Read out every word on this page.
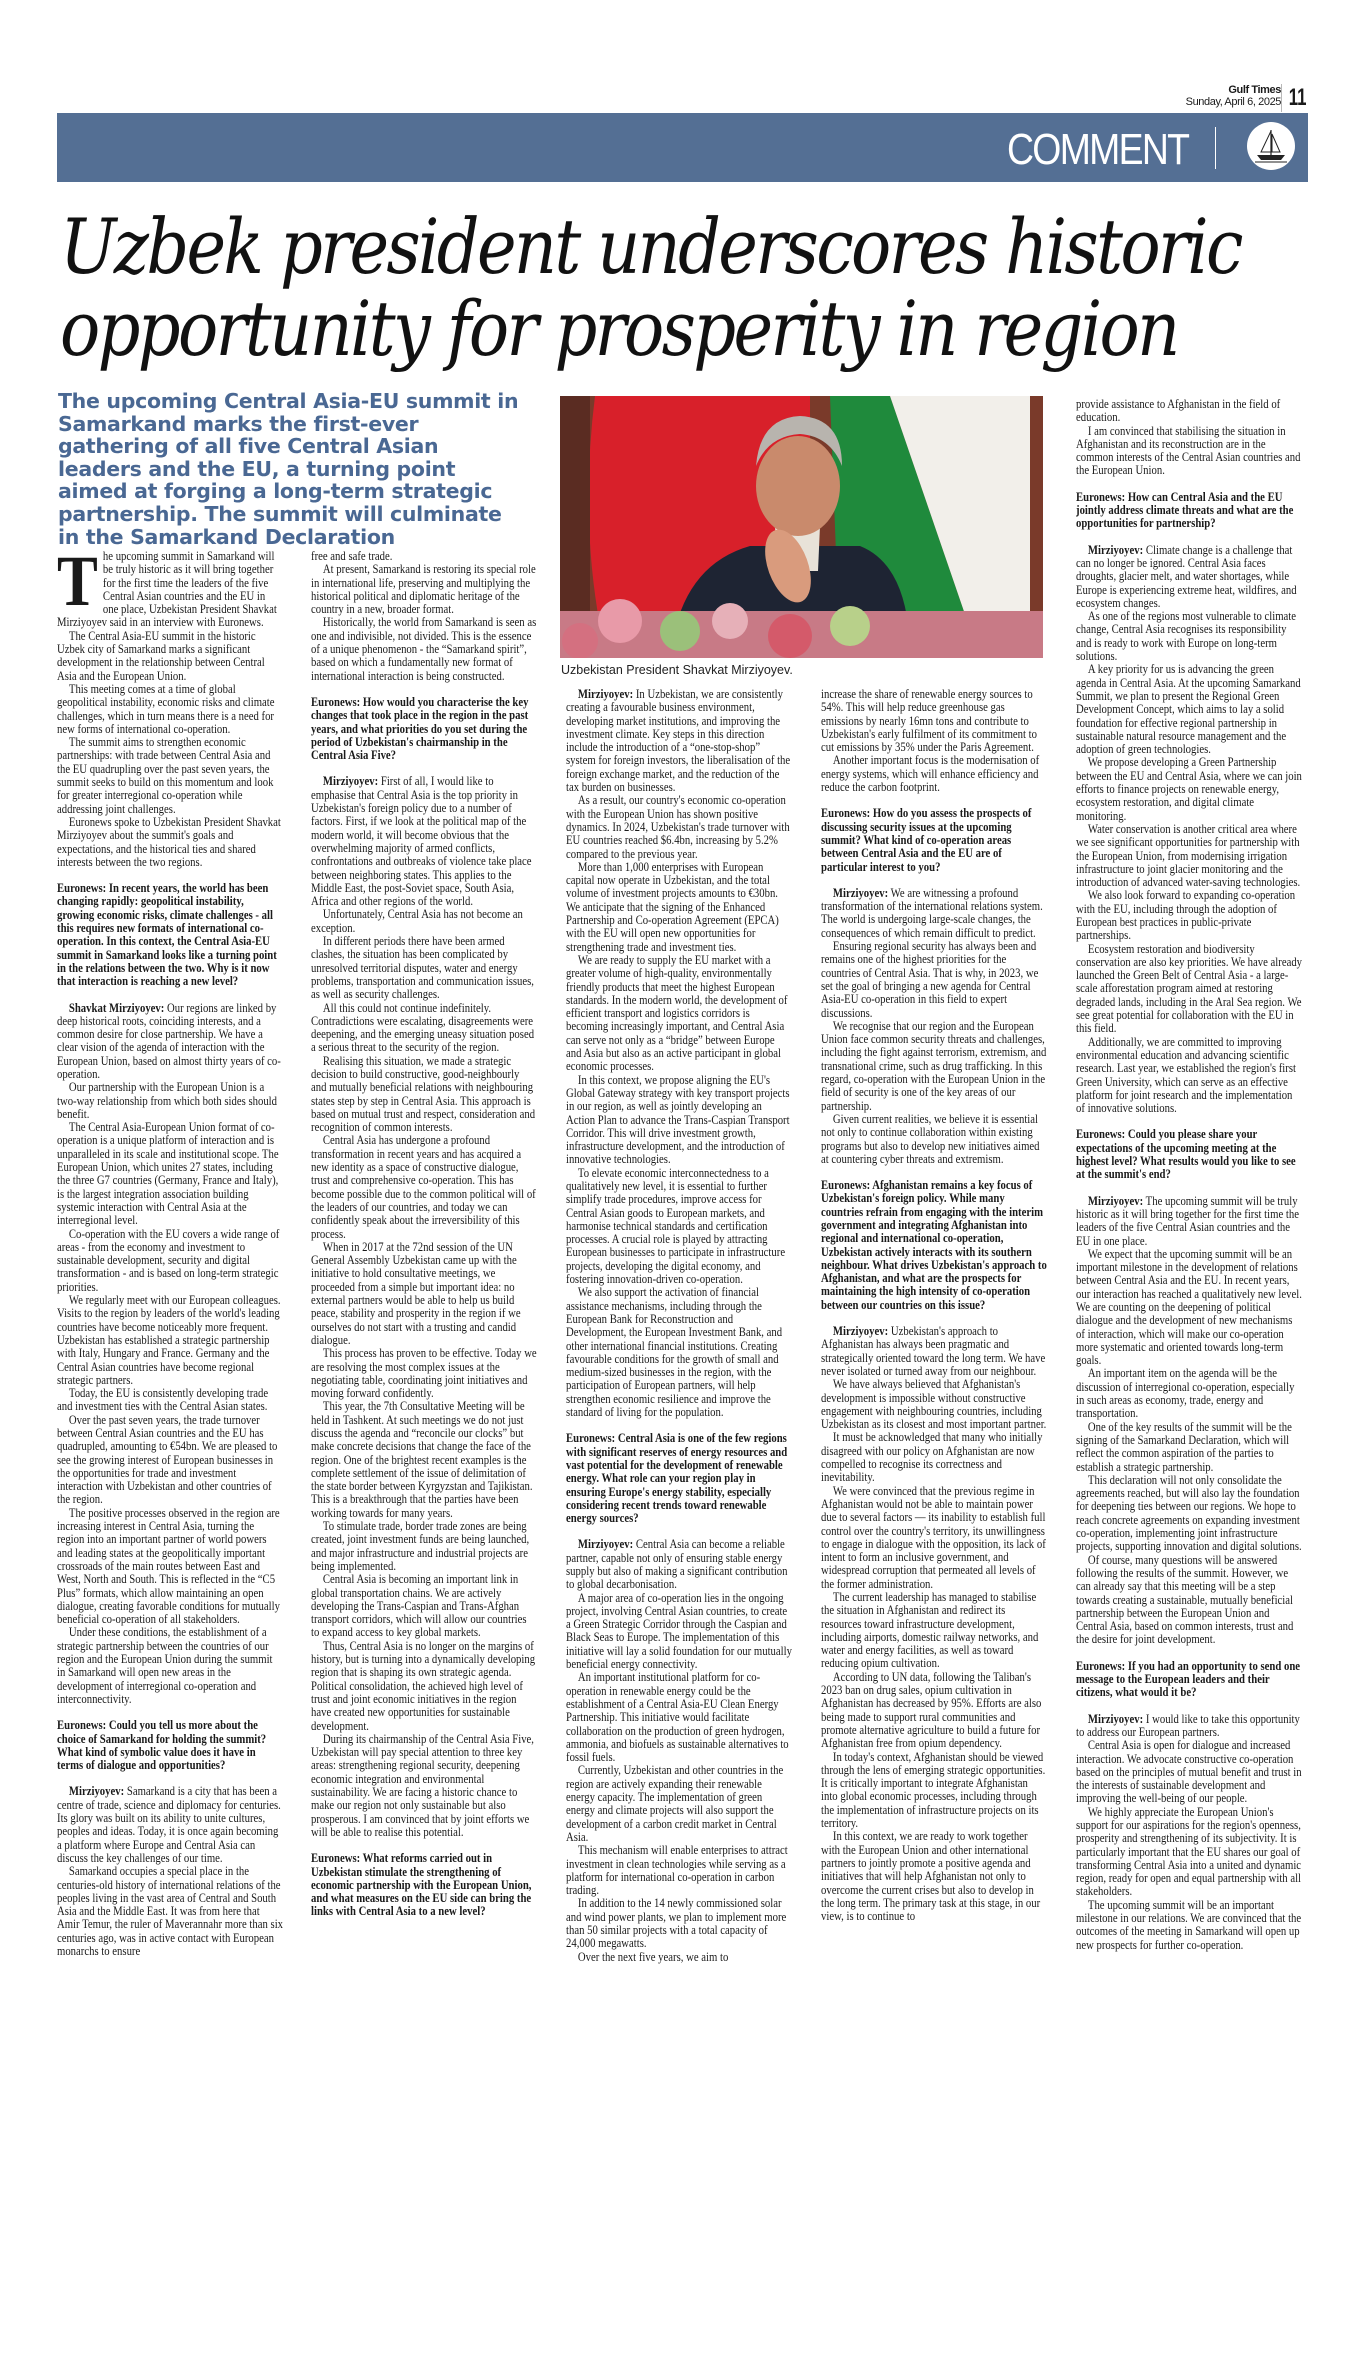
Gulf Times
Sunday, April 6, 2025 11
COMMENT
Uzbek president underscores historic
opportunity for prosperity in region
The upcoming Central Asia-EU summit in Samarkand marks the first-ever gathering of all five Central Asian leaders and the EU, a turning point aimed at forging a long-term strategic partnership. The summit will culminate in the Samarkand Declaration
Uzbekistan President Shavkat Mirziyoyev.

The upcoming summit in Samarkand will be truly historic as it will bring together for the first time the leaders of the five Central Asian countries and the EU in one place, Uzbekistan President Shavkat Mirziyoyev said in an interview with Euronews.

The Central Asia-EU summit in the historic Uzbek city of Samarkand marks a significant development in the relationship between Central Asia and the European Union.

This meeting comes at a time of global geopolitical instability, economic risks and climate challenges, which in turn means there is a need for new forms of international co-operation.

The summit aims to strengthen economic partnerships: with trade between Central Asia and the EU quadrupling over the past seven years, the summit seeks to build on this momentum and look for greater interregional co-operation while addressing joint challenges.

Euronews spoke to Uzbekistan President Shavkat Mirziyoyev about the summit's goals and expectations, and the historical ties and shared interests between the two regions.

Euronews: In recent years, the world has been changing rapidly: geopolitical instability, growing economic risks, climate challenges - all this requires new formats of international co-operation. In this context, the Central Asia-EU summit in Samarkand looks like a turning point in the relations between the two. Why is it now that interaction is reaching a new level?

Shavkat Mirziyoyev: Our regions are linked by deep historical roots, coinciding interests, and a common desire for close partnership. We have a clear vision of the agenda of interaction with the European Union, based on almost thirty years of co-operation.

Our partnership with the European Union is a two-way relationship from which both sides should benefit.

The Central Asia-European Union format of co-operation is a unique platform of interaction and is unparalleled in its scale and institutional scope. The European Union, which unites 27 states, including the three G7 countries (Germany, France and Italy), is the largest integration association building systemic interaction with Central Asia at the interregional level.

Co-operation with the EU covers a wide range of areas - from the economy and investment to sustainable development, security and digital transformation - and is based on long-term strategic priorities.

We regularly meet with our European colleagues. Visits to the region by leaders of the world's leading countries have become noticeably more frequent. Uzbekistan has established a strategic partnership with Italy, Hungary and France. Germany and the Central Asian countries have become regional strategic partners.

Today, the EU is consistently developing trade and investment ties with the Central Asian states.

Over the past seven years, the trade turnover between Central Asian countries and the EU has quadrupled, amounting to €54bn. We are pleased to see the growing interest of European businesses in the opportunities for trade and investment interaction with Uzbekistan and other countries of the region.

The positive processes observed in the region are increasing interest in Central Asia, turning the region into an important partner of world powers and leading states at the geopolitically important crossroads of the main routes between East and West, North and South. This is reflected in the “C5 Plus” formats, which allow maintaining an open dialogue, creating favorable conditions for mutually beneficial co-operation of all stakeholders.

Under these conditions, the establishment of a strategic partnership between the countries of our region and the European Union during the summit in Samarkand will open new areas in the development of interregional co-operation and interconnectivity.

Euronews: Could you tell us more about the choice of Samarkand for holding the summit? What kind of symbolic value does it have in terms of dialogue and opportunities?

Mirziyoyev: Samarkand is a city that has been a centre of trade, science and diplomacy for centuries. Its glory was built on its ability to unite cultures, peoples and ideas. Today, it is once again becoming a platform where Europe and Central Asia can discuss the key challenges of our time.

Samarkand occupies a special place in the centuries-old history of international relations of the peoples living in the vast area of Central and South Asia and the Middle East. It was from here that Amir Temur, the ruler of Maverannahr more than six centuries ago, was in active contact with European monarchs to ensure

free and safe trade.

At present, Samarkand is restoring its special role in international life, preserving and multiplying the historical political and diplomatic heritage of the country in a new, broader format.

Historically, the world from Samarkand is seen as one and indivisible, not divided. This is the essence of a unique phenomenon - the “Samarkand spirit”, based on which a fundamentally new format of international interaction is being constructed.

Euronews: How would you characterise the key changes that took place in the region in the past years, and what priorities do you set during the period of Uzbekistan's chairmanship in the Central Asia Five?

Mirziyoyev: First of all, I would like to emphasise that Central Asia is the top priority in Uzbekistan's foreign policy due to a number of factors. First, if we look at the political map of the modern world, it will become obvious that the overwhelming majority of armed conflicts, confrontations and outbreaks of violence take place between neighboring states. This applies to the Middle East, the post-Soviet space, South Asia, Africa and other regions of the world.

Unfortunately, Central Asia has not become an exception.

In different periods there have been armed clashes, the situation has been complicated by unresolved territorial disputes, water and energy problems, transportation and communication issues, as well as security challenges.

All this could not continue indefinitely. Contradictions were escalating, disagreements were deepening, and the emerging uneasy situation posed a serious threat to the security of the region.

Realising this situation, we made a strategic decision to build constructive, good-neighbourly and mutually beneficial relations with neighbouring states step by step in Central Asia. This approach is based on mutual trust and respect, consideration and recognition of common interests.

Central Asia has undergone a profound transformation in recent years and has acquired a new identity as a space of constructive dialogue, trust and comprehensive co-operation. This has become possible due to the common political will of the leaders of our countries, and today we can confidently speak about the irreversibility of this process.

When in 2017 at the 72nd session of the UN General Assembly Uzbekistan came up with the initiative to hold consultative meetings, we proceeded from a simple but important idea: no external partners would be able to help us build peace, stability and prosperity in the region if we ourselves do not start with a trusting and candid dialogue.

This process has proven to be effective. Today we are resolving the most complex issues at the negotiating table, coordinating joint initiatives and moving forward confidently.

This year, the 7th Consultative Meeting will be held in Tashkent. At such meetings we do not just discuss the agenda and “reconcile our clocks” but make concrete decisions that change the face of the region. One of the brightest recent examples is the complete settlement of the issue of delimitation of the state border between Kyrgyzstan and Tajikistan. This is a breakthrough that the parties have been working towards for many years.

To stimulate trade, border trade zones are being created, joint investment funds are being launched, and major infrastructure and industrial projects are being implemented.

Central Asia is becoming an important link in global transportation chains. We are actively developing the Trans-Caspian and Trans-Afghan transport corridors, which will allow our countries to expand access to key global markets.

Thus, Central Asia is no longer on the margins of history, but is turning into a dynamically developing region that is shaping its own strategic agenda. Political consolidation, the achieved high level of trust and joint economic initiatives in the region have created new opportunities for sustainable development.

During its chairmanship of the Central Asia Five, Uzbekistan will pay special attention to three key areas: strengthening regional security, deepening economic integration and environmental sustainability. We are facing a historic chance to make our region not only sustainable but also prosperous. I am convinced that by joint efforts we will be able to realise this potential.

Euronews: What reforms carried out in Uzbekistan stimulate the strengthening of economic partnership with the European Union, and what measures on the EU side can bring the links with Central Asia to a new level?

Mirziyoyev: In Uzbekistan, we are consistently creating a favourable business environment, developing market institutions, and improving the investment climate. Key steps in this direction include the introduction of a “one-stop-shop” system for foreign investors, the liberalisation of the foreign exchange market, and the reduction of the tax burden on businesses.

As a result, our country's economic co-operation with the European Union has shown positive dynamics. In 2024, Uzbekistan's trade turnover with EU countries reached $6.4bn, increasing by 5.2% compared to the previous year.

More than 1,000 enterprises with European capital now operate in Uzbekistan, and the total volume of investment projects amounts to €30bn. We anticipate that the signing of the Enhanced Partnership and Co-operation Agreement (EPCA) with the EU will open new opportunities for strengthening trade and investment ties.

We are ready to supply the EU market with a greater volume of high-quality, environmentally friendly products that meet the highest European standards. In the modern world, the development of efficient transport and logistics corridors is becoming increasingly important, and Central Asia can serve not only as a “bridge” between Europe and Asia but also as an active participant in global economic processes.

In this context, we propose aligning the EU's Global Gateway strategy with key transport projects in our region, as well as jointly developing an Action Plan to advance the Trans-Caspian Transport Corridor. This will drive investment growth, infrastructure development, and the introduction of innovative technologies.

To elevate economic interconnectedness to a qualitatively new level, it is essential to further simplify trade procedures, improve access for Central Asian goods to European markets, and harmonise technical standards and certification processes. A crucial role is played by attracting European businesses to participate in infrastructure projects, developing the digital economy, and fostering innovation-driven co-operation.

We also support the activation of financial assistance mechanisms, including through the European Bank for Reconstruction and Development, the European Investment Bank, and other international financial institutions. Creating favourable conditions for the growth of small and medium-sized businesses in the region, with the participation of European partners, will help strengthen economic resilience and improve the standard of living for the population.

Euronews: Central Asia is one of the few regions with significant reserves of energy resources and vast potential for the development of renewable energy. What role can your region play in ensuring Europe's energy stability, especially considering recent trends toward renewable energy sources?

Mirziyoyev: Central Asia can become a reliable partner, capable not only of ensuring stable energy supply but also of making a significant contribution to global decarbonisation.

A major area of co-operation lies in the ongoing project, involving Central Asian countries, to create a Green Strategic Corridor through the Caspian and Black Seas to Europe. The implementation of this initiative will lay a solid foundation for our mutually beneficial energy connectivity.

An important institutional platform for co-operation in renewable energy could be the establishment of a Central Asia-EU Clean Energy Partnership. This initiative would facilitate collaboration on the production of green hydrogen, ammonia, and biofuels as sustainable alternatives to fossil fuels.

Currently, Uzbekistan and other countries in the region are actively expanding their renewable energy capacity. The implementation of green energy and climate projects will also support the development of a carbon credit market in Central Asia.

This mechanism will enable enterprises to attract investment in clean technologies while serving as a platform for international co-operation in carbon trading.

In addition to the 14 newly commissioned solar and wind power plants, we plan to implement more than 50 similar projects with a total capacity of 24,000 megawatts.

Over the next five years, we aim to

increase the share of renewable energy sources to 54%. This will help reduce greenhouse gas emissions by nearly 16mn tons and contribute to Uzbekistan's early fulfilment of its commitment to cut emissions by 35% under the Paris Agreement.

Another important focus is the modernisation of energy systems, which will enhance efficiency and reduce the carbon footprint.

Euronews: How do you assess the prospects of discussing security issues at the upcoming summit? What kind of co-operation areas between Central Asia and the EU are of particular interest to you?

Mirziyoyev: We are witnessing a profound transformation of the international relations system. The world is undergoing large-scale changes, the consequences of which remain difficult to predict.

Ensuring regional security has always been and remains one of the highest priorities for the countries of Central Asia. That is why, in 2023, we set the goal of bringing a new agenda for Central Asia-EU co-operation in this field to expert discussions.

We recognise that our region and the European Union face common security threats and challenges, including the fight against terrorism, extremism, and transnational crime, such as drug trafficking. In this regard, co-operation with the European Union in the field of security is one of the key areas of our partnership.

Given current realities, we believe it is essential not only to continue collaboration within existing programs but also to develop new initiatives aimed at countering cyber threats and extremism.

Euronews: Afghanistan remains a key focus of Uzbekistan's foreign policy. While many countries refrain from engaging with the interim government and integrating Afghanistan into regional and international co-operation, Uzbekistan actively interacts with its southern neighbour. What drives Uzbekistan's approach to Afghanistan, and what are the prospects for maintaining the high intensity of co-operation between our countries on this issue?

Mirziyoyev: Uzbekistan's approach to Afghanistan has always been pragmatic and strategically oriented toward the long term. We have never isolated or turned away from our neighbour.

We have always believed that Afghanistan's development is impossible without constructive engagement with neighbouring countries, including Uzbekistan as its closest and most important partner.

It must be acknowledged that many who initially disagreed with our policy on Afghanistan are now compelled to recognise its correctness and inevitability.

We were convinced that the previous regime in Afghanistan would not be able to maintain power due to several factors — its inability to establish full control over the country's territory, its unwillingness to engage in dialogue with the opposition, its lack of intent to form an inclusive government, and widespread corruption that permeated all levels of the former administration.

The current leadership has managed to stabilise the situation in Afghanistan and redirect its resources toward infrastructure development, including airports, domestic railway networks, and water and energy facilities, as well as toward reducing opium cultivation.

According to UN data, following the Taliban's 2023 ban on drug sales, opium cultivation in Afghanistan has decreased by 95%. Efforts are also being made to support rural communities and promote alternative agriculture to build a future for Afghanistan free from opium dependency.

In today's context, Afghanistan should be viewed through the lens of emerging strategic opportunities. It is critically important to integrate Afghanistan into global economic processes, including through the implementation of infrastructure projects on its territory.

In this context, we are ready to work together with the European Union and other international partners to jointly promote a positive agenda and initiatives that will help Afghanistan not only to overcome the current crises but also to develop in the long term. The primary task at this stage, in our view, is to continue to

provide assistance to Afghanistan in the field of education.

I am convinced that stabilising the situation in Afghanistan and its reconstruction are in the common interests of the Central Asian countries and the European Union.

Euronews: How can Central Asia and the EU jointly address climate threats and what are the opportunities for partnership?

Mirziyoyev: Climate change is a challenge that can no longer be ignored. Central Asia faces droughts, glacier melt, and water shortages, while Europe is experiencing extreme heat, wildfires, and ecosystem changes.

As one of the regions most vulnerable to climate change, Central Asia recognises its responsibility and is ready to work with Europe on long-term solutions.

A key priority for us is advancing the green agenda in Central Asia. At the upcoming Samarkand Summit, we plan to present the Regional Green Development Concept, which aims to lay a solid foundation for effective regional partnership in sustainable natural resource management and the adoption of green technologies.

We propose developing a Green Partnership between the EU and Central Asia, where we can join efforts to finance projects on renewable energy, ecosystem restoration, and digital climate monitoring.

Water conservation is another critical area where we see significant opportunities for partnership with the European Union, from modernising irrigation infrastructure to joint glacier monitoring and the introduction of advanced water-saving technologies.

We also look forward to expanding co-operation with the EU, including through the adoption of European best practices in public-private partnerships.

Ecosystem restoration and biodiversity conservation are also key priorities. We have already launched the Green Belt of Central Asia - a large-scale afforestation program aimed at restoring degraded lands, including in the Aral Sea region. We see great potential for collaboration with the EU in this field.

Additionally, we are committed to improving environmental education and advancing scientific research. Last year, we established the region's first Green University, which can serve as an effective platform for joint research and the implementation of innovative solutions.

Euronews: Could you please share your expectations of the upcoming meeting at the highest level? What results would you like to see at the summit's end?

Mirziyoyev: The upcoming summit will be truly historic as it will bring together for the first time the leaders of the five Central Asian countries and the EU in one place.

We expect that the upcoming summit will be an important milestone in the development of relations between Central Asia and the EU. In recent years, our interaction has reached a qualitatively new level. We are counting on the deepening of political dialogue and the development of new mechanisms of interaction, which will make our co-operation more systematic and oriented towards long-term goals.

An important item on the agenda will be the discussion of interregional co-operation, especially in such areas as economy, trade, energy and transportation.

One of the key results of the summit will be the signing of the Samarkand Declaration, which will reflect the common aspiration of the parties to establish a strategic partnership.

This declaration will not only consolidate the agreements reached, but will also lay the foundation for deepening ties between our regions. We hope to reach concrete agreements on expanding investment co-operation, implementing joint infrastructure projects, supporting innovation and digital solutions.

Of course, many questions will be answered following the results of the summit. However, we can already say that this meeting will be a step towards creating a sustainable, mutually beneficial partnership between the European Union and Central Asia, based on common interests, trust and the desire for joint development.

Euronews: If you had an opportunity to send one message to the European leaders and their citizens, what would it be?

Mirziyoyev: I would like to take this opportunity to address our European partners.

Central Asia is open for dialogue and increased interaction. We advocate constructive co-operation based on the principles of mutual benefit and trust in the interests of sustainable development and improving the well-being of our people.

We highly appreciate the European Union's support for our aspirations for the region's openness, prosperity and strengthening of its subjectivity. It is particularly important that the EU shares our goal of transforming Central Asia into a united and dynamic region, ready for open and equal partnership with all stakeholders.

The upcoming summit will be an important milestone in our relations. We are convinced that the outcomes of the meeting in Samarkand will open up new prospects for further co-operation.
